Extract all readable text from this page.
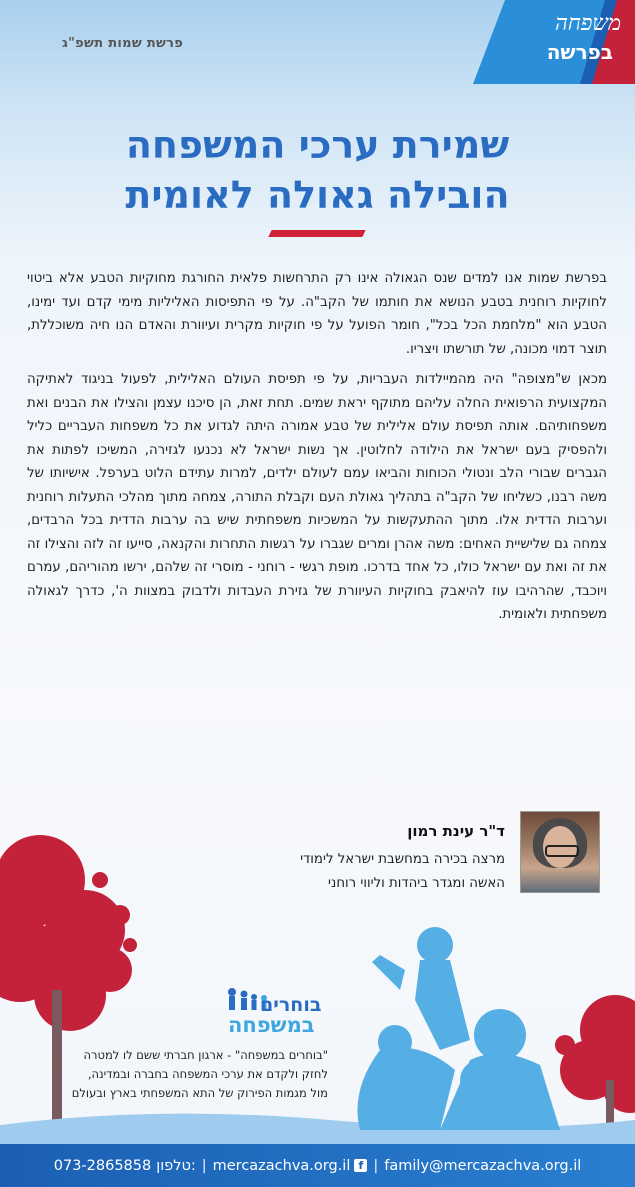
משפחה
בפרשה
פרשת שמות תשפ"ג
שמירת ערכי המשפחה
הובילה גאולה לאומית

בפרשת שמות אנו למדים שנס הגאולה אינו רק התרחשות פלאית החורגת מחוקיות הטבע אלא ביטוי לחוקיות רוחנית בטבע הנושא את חותמו של הקב"ה. על פי התפיסות האליליות מימי קדם ועד ימינו, הטבע הוא "מלחמת הכל בכל", חומר הפועל על פי חוקיות מקרית ועיוורת והאדם הנו חיה משוכללת, תוצר דמוי מכונה, של תורשתו ויצריו.

מכאן ש"מצופה" היה מהמיילדות העבריות, על פי תפיסת העולם האלילית, לפעול בניגוד לאתיקה המקצועית הרפואית החלה עליהם מתוקף יראת שמים. תחת זאת, הן סיכנו עצמן והצילו את הבנים ואת משפחותיהם. אותה תפיסת עולם אלילית של טבע אמורה היתה לגדוע את כל משפחות העבריים כליל ולהפסיק בעם ישראל את הילודה לחלוטין. אך נשות ישראל לא נכנעו לגזירה, המשיכו לפתות את הגברים שבורי הלב ונטולי הכוחות והביאו עמם לעולם ילדים, למרות עתידם הלוט בערפל. אישיותו של משה רבנו, כשליחו של הקב"ה בתהליך גאולת העם וקבלת התורה, צמחה מתוך מהלכי התעלות רוחנית וערבות הדדית אלו. מתוך ההתעקשות על המשכיות משפחתית שיש בה ערבות הדדית בכל הרבדים, צמחה גם שלישיית האחים: משה אהרן ומרים שגברו על רגשות התחרות והקנאה, סייעו זה לזה והצילו זה את זה ואת עם ישראל כולו, כל אחד בדרכו. מופת רגשי - רוחני - מוסרי זה שלהם, ירשו מהוריהם, עמרם ויוכבד, שהרהיבו עוז להיאבק בחוקיות העיוורת של גזירת העבדות ולדבוק במצוות ה', כדרך לגאולה משפחתית ולאומית.

ד"ר עינת רמון
מרצה בכירה במחשבת ישראל לימודי
האשה ומגדר ביהדות וליווי רוחני
בוחרים
במשפחה
"בוחרים במשפחה" - ארגון חברתי ששם לו למטרה
לחזק ולקדם את ערכי המשפחה בחברה ובמדינה,
מול מגמות הפירוק של התא המשפחתי בארץ ובעולם
073-2865858 טלפון: | mercazachva.org.il f | family@mercazachva.org.il
